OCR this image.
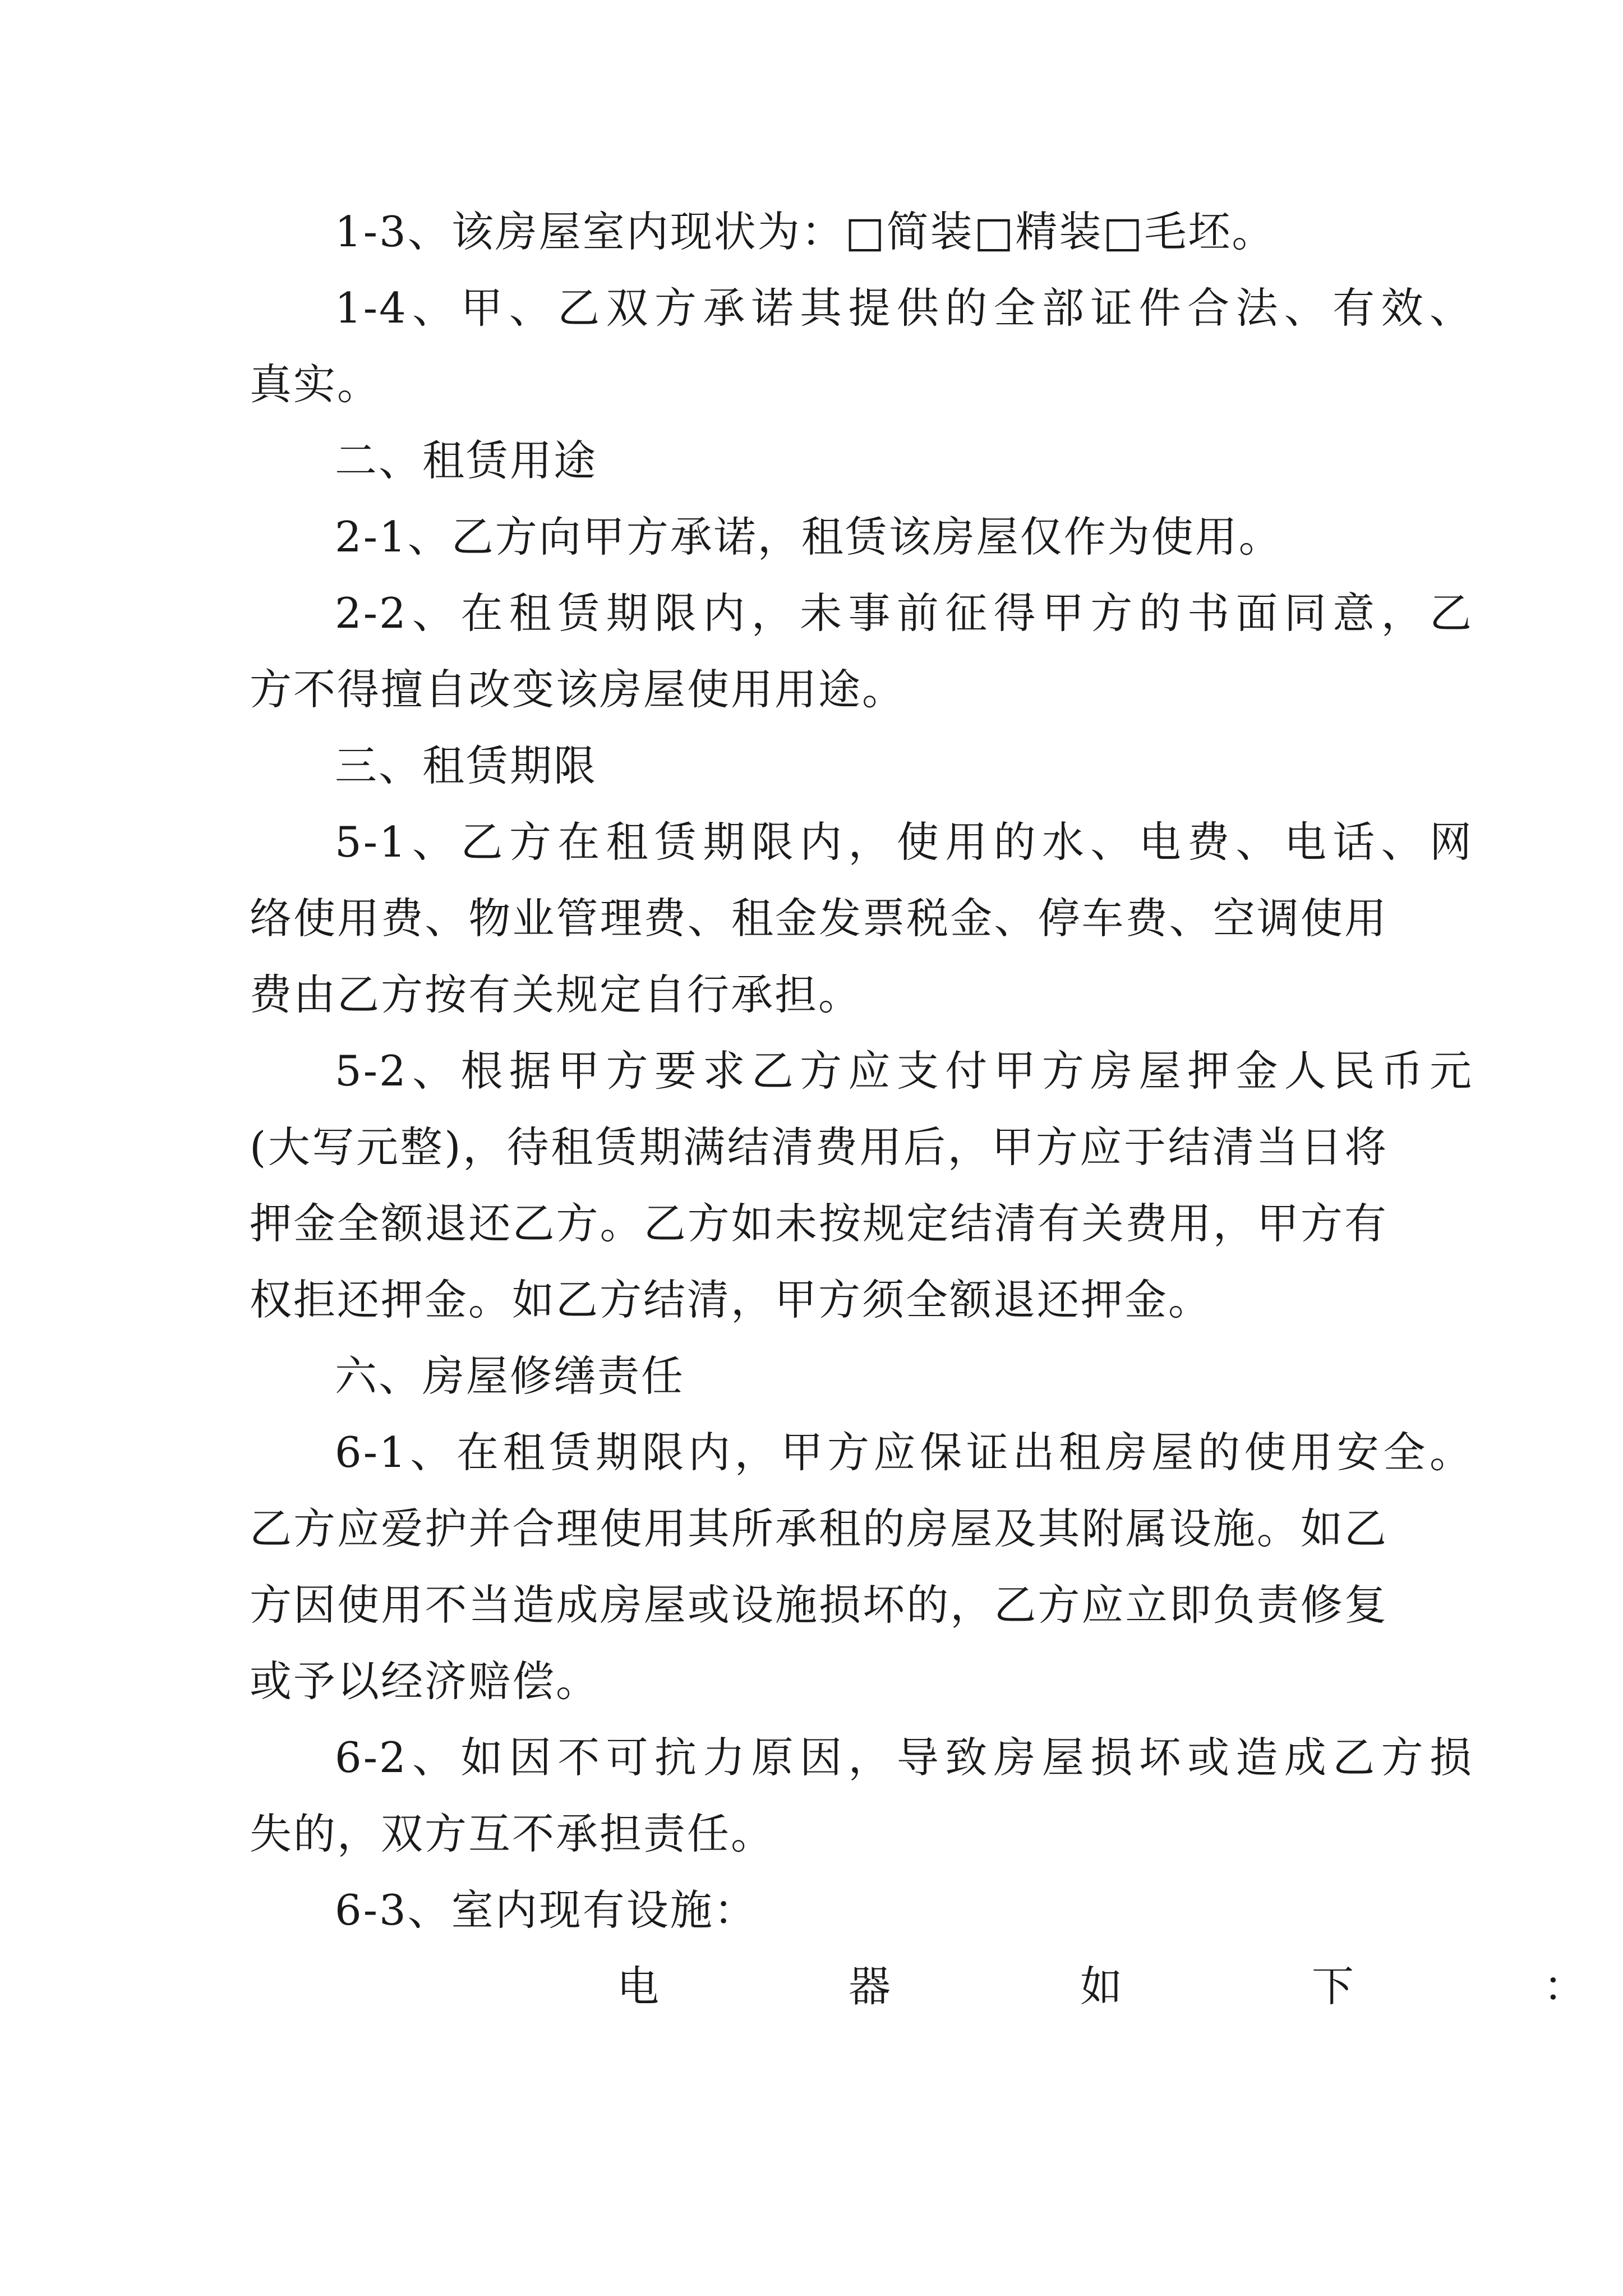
1-3、该房屋室内现状为：□简装□精装□毛坯。
1-4、甲、乙双方承诺其提供的全部证件合法、有效、
真实。
二、租赁用途
2-1、乙方向甲方承诺，租赁该房屋仅作为使用。
2-2、在租赁期限内，未事前征得甲方的书面同意，乙
方不得擅自改变该房屋使用用途。
三、租赁期限
5-1、乙方在租赁期限内，使用的水、电费、电话、网
络使用费、物业管理费、租金发票税金、停车费、空调使用
费由乙方按有关规定自行承担。
5-2、根据甲方要求乙方应支付甲方房屋押金人民币元
(大写元整)，待租赁期满结清费用后，甲方应于结清当日将
押金全额退还乙方。乙方如未按规定结清有关费用，甲方有
权拒还押金。如乙方结清，甲方须全额退还押金。
六、房屋修缮责任
6-1、在租赁期限内，甲方应保证出租房屋的使用安全。
乙方应爱护并合理使用其所承租的房屋及其附属设施。如乙
方因使用不当造成房屋或设施损坏的，乙方应立即负责修复
或予以经济赔偿。
6-2、如因不可抗力原因，导致房屋损坏或造成乙方损
失的，双方互不承担责任。
6-3、室内现有设施：
电	器	如	下	：
